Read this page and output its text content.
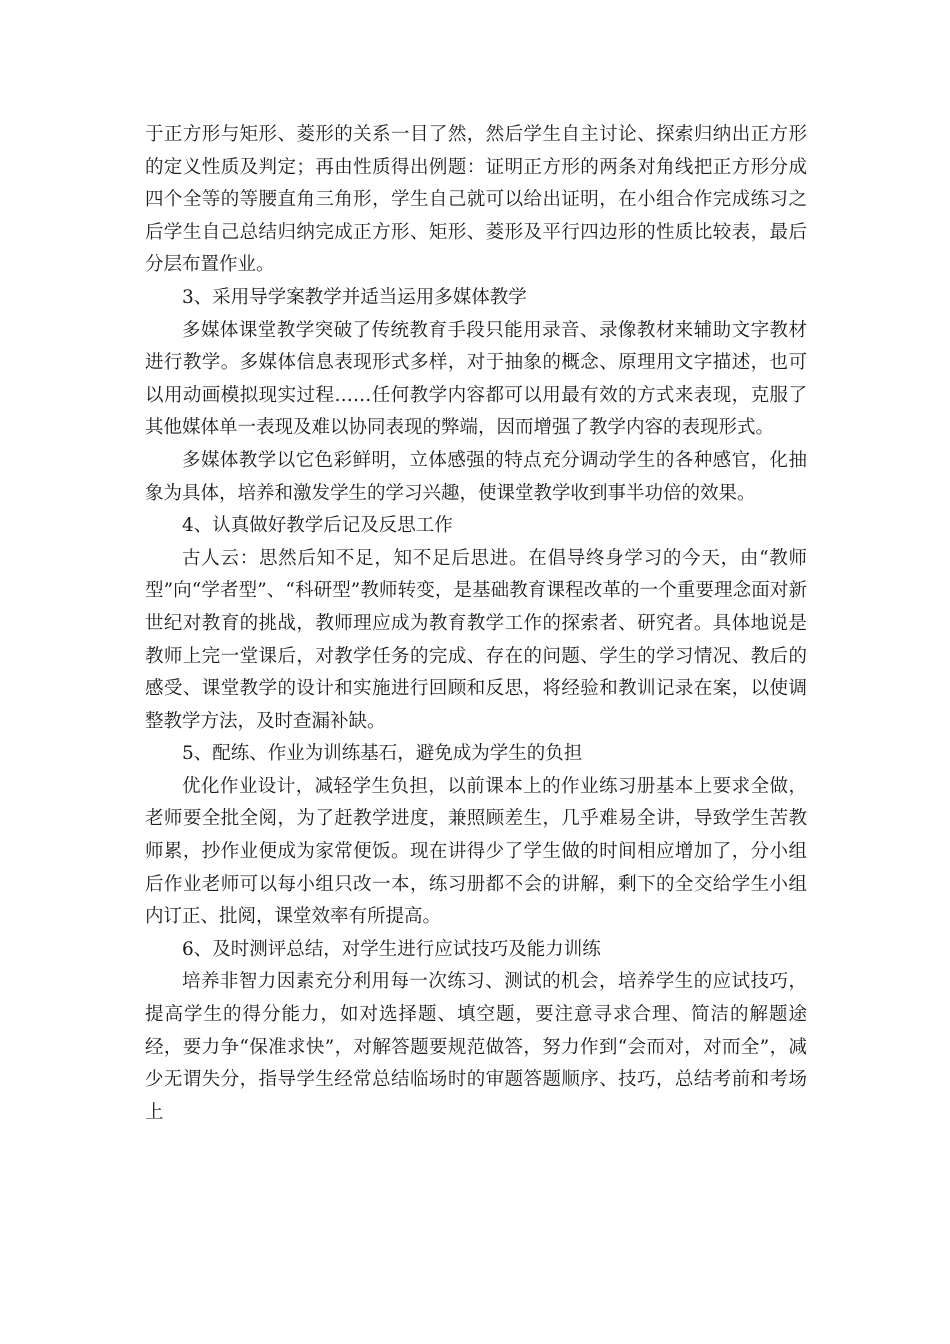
于正方形与矩形、菱形的关系一目了然，然后学生自主讨论、探索归纳出正方形的定义性质及判定；再由性质得出例题：证明正方形的两条对角线把正方形分成四个全等的等腰直角三角形，学生自己就可以给出证明，在小组合作完成练习之后学生自己总结归纳完成正方形、矩形、菱形及平行四边形的性质比较表，最后分层布置作业。

3、采用导学案教学并适当运用多媒体教学

多媒体课堂教学突破了传统教育手段只能用录音、录像教材来辅助文字教材进行教学。多媒体信息表现形式多样，对于抽象的概念、原理用文字描述，也可以用动画模拟现实过程……任何教学内容都可以用最有效的方式来表现，克服了其他媒体单一表现及难以协同表现的弊端，因而增强了教学内容的表现形式。

多媒体教学以它色彩鲜明，立体感强的特点充分调动学生的各种感官，化抽象为具体，培养和激发学生的学习兴趣，使课堂教学收到事半功倍的效果。

4、认真做好教学后记及反思工作

古人云：思然后知不足，知不足后思进。在倡导终身学习的今天，由“教师型”向“学者型”、“科研型”教师转变，是基础教育课程改革的一个重要理念面对新世纪对教育的挑战，教师理应成为教育教学工作的探索者、研究者。具体地说是教师上完一堂课后，对教学任务的完成、存在的问题、学生的学习情况、教后的感受、课堂教学的设计和实施进行回顾和反思，将经验和教训记录在案，以使调整教学方法，及时查漏补缺。

5、配练、作业为训练基石，避免成为学生的负担

优化作业设计，减轻学生负担，以前课本上的作业练习册基本上要求全做，老师要全批全阅，为了赶教学进度，兼照顾差生，几乎难易全讲，导致学生苦教师累，抄作业便成为家常便饭。现在讲得少了学生做的时间相应增加了，分小组后作业老师可以每小组只改一本，练习册都不会的讲解，剩下的全交给学生小组内订正、批阅，课堂效率有所提高。

6、及时测评总结，对学生进行应试技巧及能力训练

培养非智力因素充分利用每一次练习、测试的机会，培养学生的应试技巧，提高学生的得分能力，如对选择题、填空题，要注意寻求合理、简洁的解题途经，要力争“保准求快”，对解答题要规范做答，努力作到“会而对，对而全”，减少无谓失分，指导学生经常总结临场时的审题答题顺序、技巧，总结考前和考场上
